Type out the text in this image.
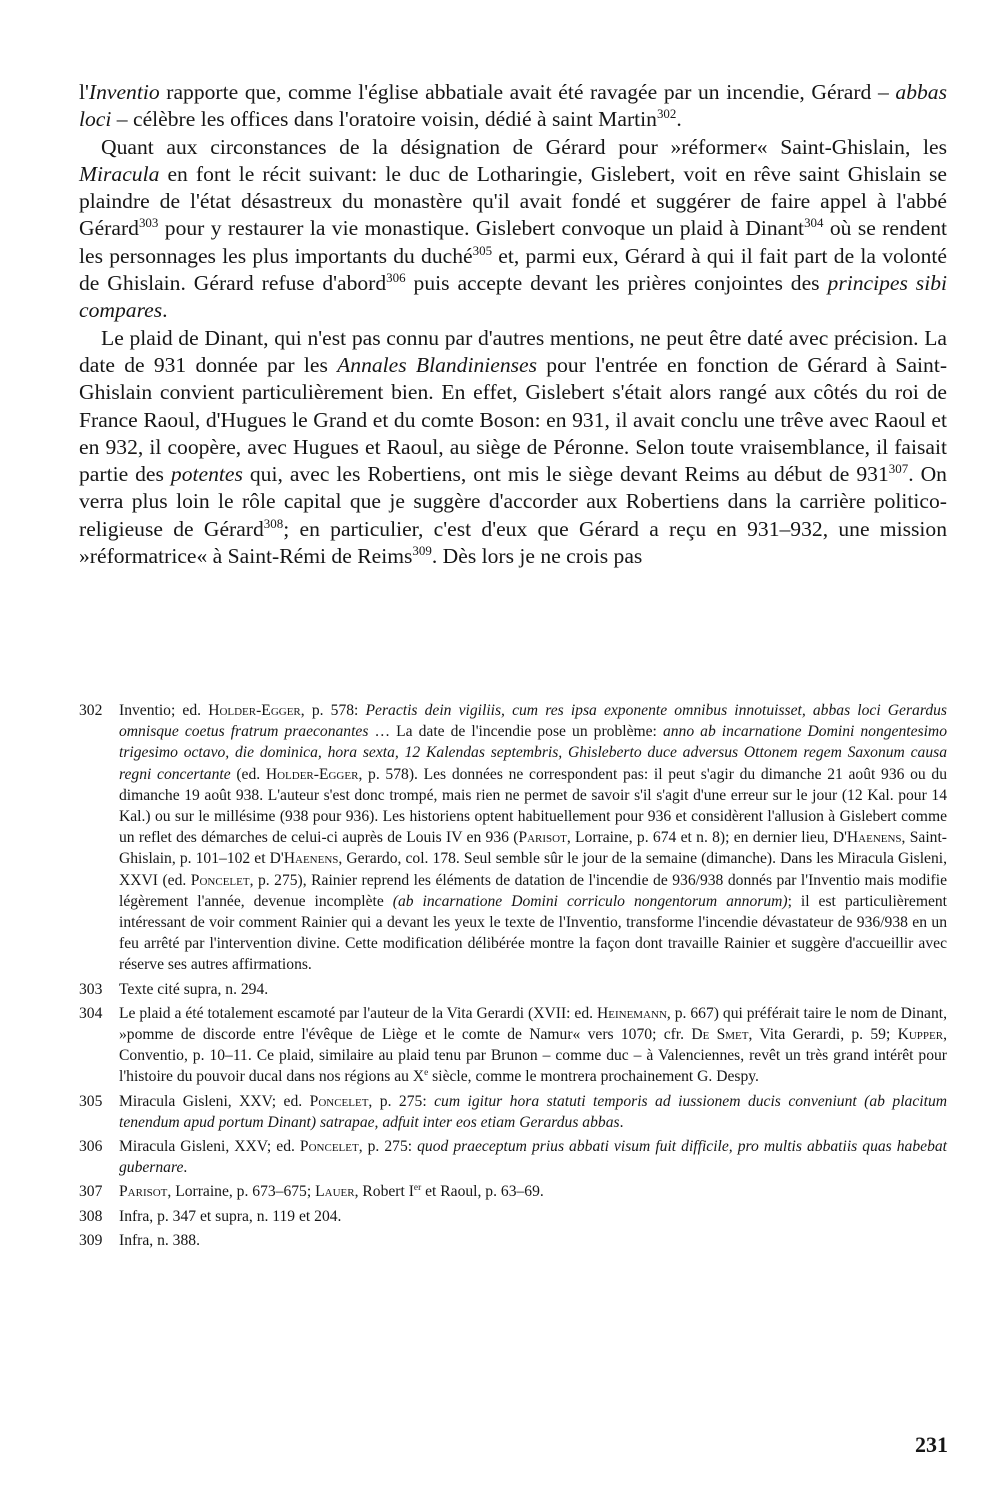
l'Inventio rapporte que, comme l'église abbatiale avait été ravagée par un incendie, Gérard – abbas loci – célèbre les offices dans l'oratoire voisin, dédié à saint Martin$^{302}$.

Quant aux circonstances de la désignation de Gérard pour »réformer« Saint-Ghislain, les Miracula en font le récit suivant: le duc de Lotharingie, Gislebert, voit en rêve saint Ghislain se plaindre de l'état désastreux du monastère qu'il avait fondé et suggérer de faire appel à l'abbé Gérard$^{303}$ pour y restaurer la vie monastique. Gislebert convoque un plaid à Dinant$^{304}$ où se rendent les personnages les plus importants du duché$^{305}$ et, parmi eux, Gérard à qui il fait part de la volonté de Ghislain. Gérard refuse d'abord$^{306}$ puis accepte devant les prières conjointes des principes sibi compares.

Le plaid de Dinant, qui n'est pas connu par d'autres mentions, ne peut être daté avec précision. La date de 931 donnée par les Annales Blandinienses pour l'entrée en fonction de Gérard à Saint-Ghislain convient particulièrement bien. En effet, Gislebert s'était alors rangé aux côtés du roi de France Raoul, d'Hugues le Grand et du comte Boson: en 931, il avait conclu une trêve avec Raoul et en 932, il coopère, avec Hugues et Raoul, au siège de Péronne. Selon toute vraisemblance, il faisait partie des potentes qui, avec les Robertiens, ont mis le siège devant Reims au début de $931^{307}$. On verra plus loin le rôle capital que je suggère d'accorder aux Robertiens dans la carrière politico-religieuse de Gérard$^{308}$; en particulier, c'est d'eux que Gérard a reçu en 931–932, une mission »réformatrice« à Saint-Rémi de Reims$^{309}$. Dès lors je ne crois pas

302	Inventio; ed. Holder-Egger, p. 578: Peractis dein vigiliis, cum res ipsa exponente omnibus innotuisset, abbas loci Gerardus omnisque coetus fratrum praeconantes … La date de l'incendie pose un problème: anno ab incarnatione Domini nongentesimo trigesimo octavo, die dominica, hora sexta, 12 Kalendas septembris, Ghisleberto duce adversus Ottonem regem Saxonum causa regni concertante (ed. Holder-Egger, p. 578). Les données ne correspondent pas: il peut s'agir du dimanche 21 août 936 ou du dimanche 19 août 938. L'auteur s'est donc trompé, mais rien ne permet de savoir s'il s'agit d'une erreur sur le jour (12 Kal. pour 14 Kal.) ou sur le millésime (938 pour 936). Les historiens optent habituellement pour 936 et considèrent l'allusion à Gislebert comme un reflet des démarches de celui-ci auprès de Louis IV en 936 (Parisot, Lorraine, p. 674 et n. 8); en dernier lieu, D'Haenens, Saint-Ghislain, p. 101–102 et D'Haenens, Gerardo, col. 178. Seul semble sûr le jour de la semaine (dimanche). Dans les Miracula Gisleni, XXVI (ed. Poncelet, p. 275), Rainier reprend les éléments de datation de l'incendie de 936/938 donnés par l'Inventio mais modifie légèrement l'année, devenue incomplète (ab incarnatione Domini corriculo nongentorum annorum); il est particulièrement intéressant de voir comment Rainier qui a devant les yeux le texte de l'Inventio, transforme l'incendie dévastateur de 936/938 en un feu arrêté par l'intervention divine. Cette modification délibérée montre la façon dont travaille Rainier et suggère d'accueillir avec réserve ses autres affirmations.
303	Texte cité supra, n. 294.
304	Le plaid a été totalement escamoté par l'auteur de la Vita Gerardi (XVII: ed. Heinemann, p. 667) qui préférait taire le nom de Dinant, »pomme de discorde entre l'évêque de Liège et le comte de Namur« vers 1070; cfr. De Smet, Vita Gerardi, p. 59; Kupper, Conventio, p. 10–11. Ce plaid, similaire au plaid tenu par Brunon – comme duc – à Valenciennes, revêt un très grand intérêt pour l'histoire du pouvoir ducal dans nos régions au Xe siècle, comme le montrera prochainement G. Despy.
305	Miracula Gisleni, XXV; ed. Poncelet, p. 275: cum igitur hora statuti temporis ad iussionem ducis conveniunt (ab placitum tenendum apud portum Dinant) satrapae, adfuit inter eos etiam Gerardus abbas.
306	Miracula Gisleni, XXV; ed. Poncelet, p. 275: quod praeceptum prius abbati visum fuit difficile, pro multis abbatiis quas habebat gubernare.
307	Parisot, Lorraine, p. 673–675; Lauer, Robert Ier et Raoul, p. 63–69.
308	Infra, p. 347 et supra, n. 119 et 204.
309	Infra, n. 388.
231
